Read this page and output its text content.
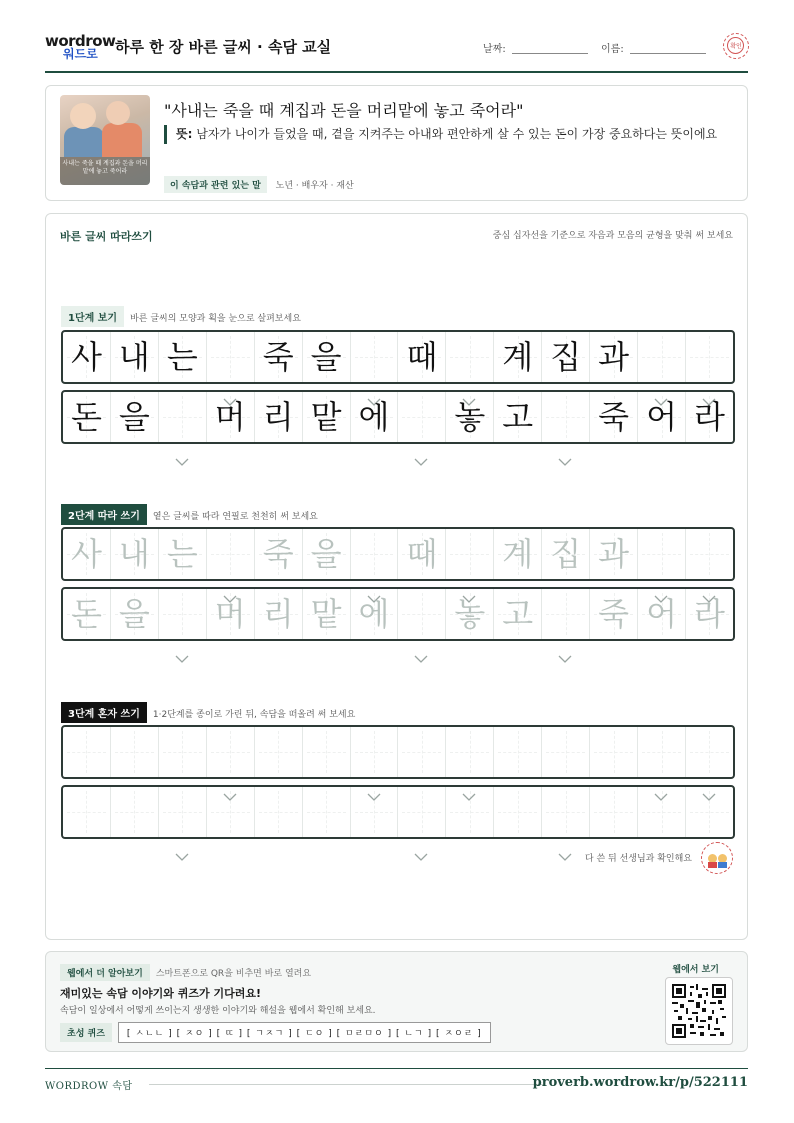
wordrow
워드로 하루 한 장 바른 글씨 · 속담 교실	날짜:	이름:	확인
사내는 죽을 때 계집과 돈을 머리맡에 놓고 죽어라
"사내는 죽을 때 계집과 돈을 머리맡에 놓고 죽어라"
뜻: 남자가 나이가 들었을 때, 곁을 지켜주는 아내와 편안하게 살 수 있는 돈이 가장 중요하다는 뜻이에요
이 속담과 관련 있는 말 노년 · 배우자 · 재산
바른 글씨 따라쓰기	중심 십자선을 기준으로 자음과 모음의 균형을 맞춰 써 보세요
1단계 보기 바른 글씨의 모양과 획을 눈으로 살펴보세요
사 내 는 죽 을 때 계 집 과
돈 을 머 리 맡 에 놓 고 죽 어 라
2단계 따라 쓰기 옅은 글씨를 따라 연필로 천천히 써 보세요
사 내 는 죽 을 때 계 집 과
돈 을 머 리 맡 에 놓 고 죽 어 라
3단계 혼자 쓰기 1·2단계를 종이로 가린 뒤, 속담을 떠올려 써 보세요
다 쓴 뒤 선생님과 확인해요
웹에서 더 알아보기 스마트폰으로 QR을 비추면 바로 열려요
재미있는 속담 이야기와 퀴즈가 기다려요!
속담이 일상에서 어떻게 쓰이는지 생생한 이야기와 해설을 웹에서 확인해 보세요.
초성 퀴즈 [ ㅅㄴㄴ ] [ ㅈㅇ ] [ ㄸ ] [ ㄱㅈㄱ ] [ ㄷㅇ ] [ ㅁㄹㅁㅇ ] [ ㄴㄱ ] [ ㅈㅇㄹ ]
웹에서 보기
WORDROW 속담	proverb.wordrow.kr/p/522111
